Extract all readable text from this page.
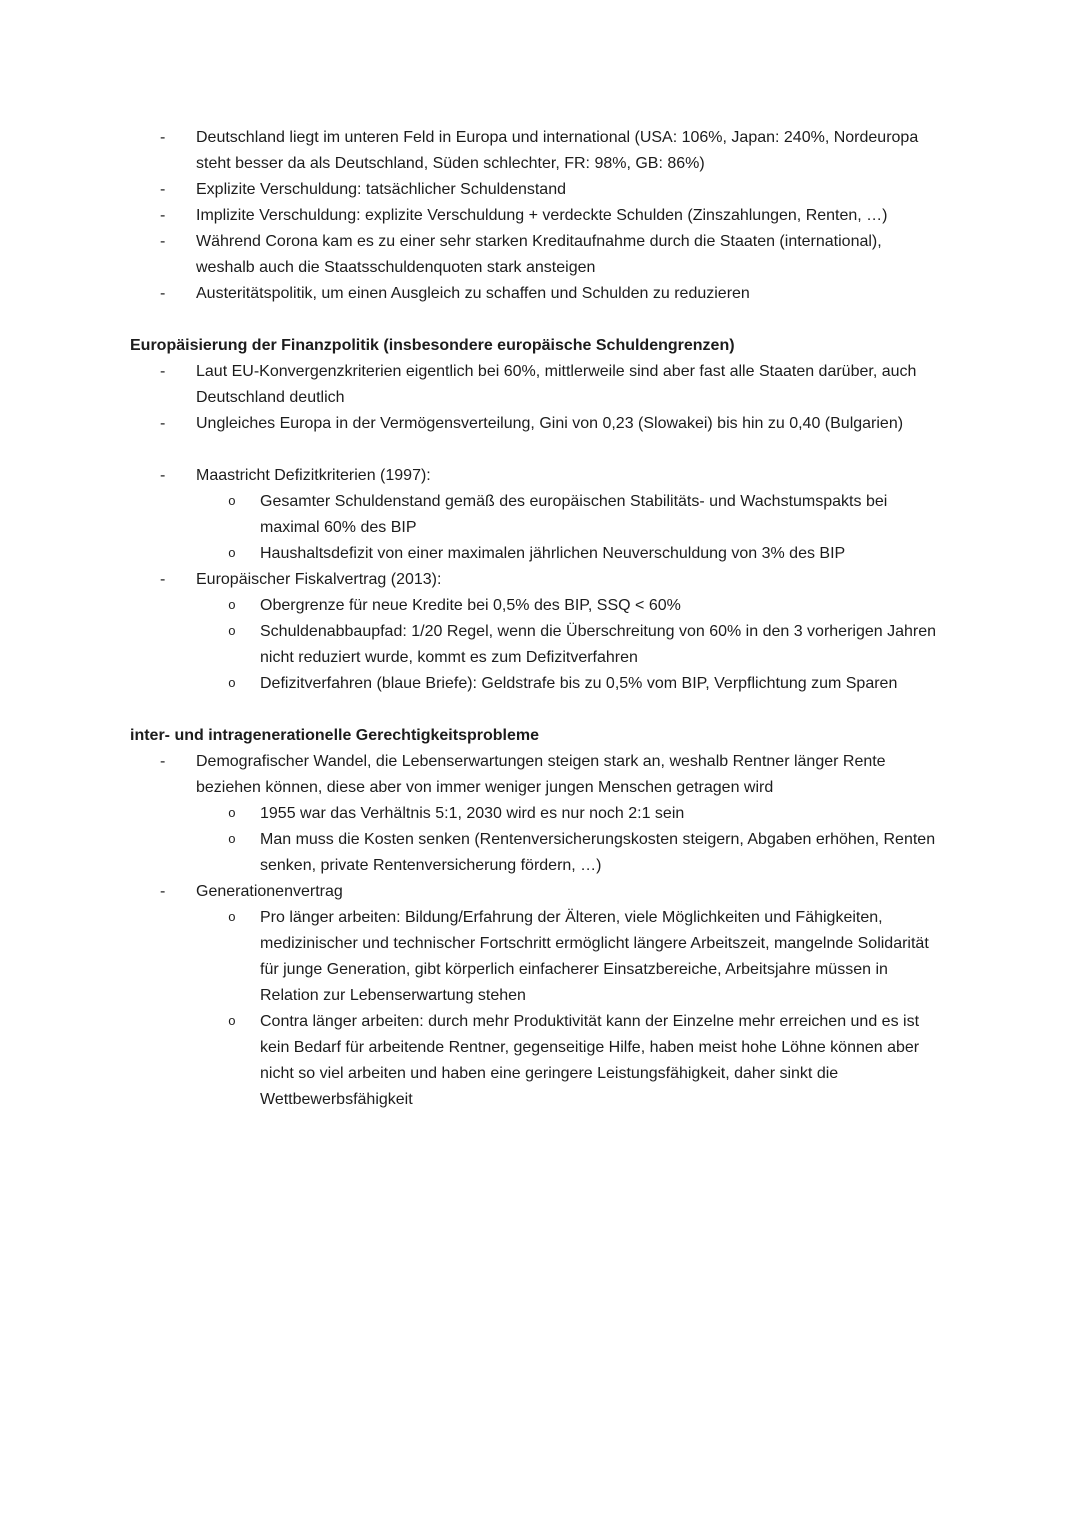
-	Deutschland liegt im unteren Feld in Europa und international (USA: 106%, Japan: 240%, Nordeuropa steht besser da als Deutschland, Süden schlechter, FR: 98%, GB: 86%)
-	Explizite Verschuldung: tatsächlicher Schuldenstand
-	Implizite Verschuldung: explizite Verschuldung + verdeckte Schulden (Zinszahlungen, Renten, …)
-	Während Corona kam es zu einer sehr starken Kreditaufnahme durch die Staaten (international), weshalb auch die Staatsschuldenquoten stark ansteigen
-	Austeritätspolitik, um einen Ausgleich zu schaffen und Schulden zu reduzieren
Europäisierung der Finanzpolitik (insbesondere europäische Schuldengrenzen)
-	Laut EU-Konvergenzkriterien eigentlich bei 60%, mittlerweile sind aber fast alle Staaten darüber, auch Deutschland deutlich
-	Ungleiches Europa in der Vermögensverteilung, Gini von 0,23 (Slowakei) bis hin zu 0,40 (Bulgarien)
-	Maastricht Defizitkriterien (1997):
o	Gesamter Schuldenstand gemäß des europäischen Stabilitäts- und Wachstumspakts bei maximal 60% des BIP
o	Haushaltsdefizit von einer maximalen jährlichen Neuverschuldung von 3% des BIP
-	Europäischer Fiskalvertrag (2013):
o	Obergrenze für neue Kredite bei 0,5% des BIP, SSQ < 60%
o	Schuldenabbaupfad: 1/20 Regel, wenn die Überschreitung von 60% in den 3 vorherigen Jahren nicht reduziert wurde, kommt es zum Defizitverfahren
o	Defizitverfahren (blaue Briefe): Geldstrafe bis zu 0,5% vom BIP, Verpflichtung zum Sparen
inter- und intragenerationelle Gerechtigkeitsprobleme
-	Demografischer Wandel, die Lebenserwartungen steigen stark an, weshalb Rentner länger Rente beziehen können, diese aber von immer weniger jungen Menschen getragen wird
o	1955 war das Verhältnis 5:1, 2030 wird es nur noch 2:1 sein
o	Man muss die Kosten senken (Rentenversicherungskosten steigern, Abgaben erhöhen, Renten senken, private Rentenversicherung fördern, …)
-	Generationenvertrag
o	Pro länger arbeiten: Bildung/Erfahrung der Älteren, viele Möglichkeiten und Fähigkeiten, medizinischer und technischer Fortschritt ermöglicht längere Arbeitszeit, mangelnde Solidarität für junge Generation, gibt körperlich einfacherer Einsatzbereiche, Arbeitsjahre müssen in Relation zur Lebenserwartung stehen
o	Contra länger arbeiten: durch mehr Produktivität kann der Einzelne mehr erreichen und es ist kein Bedarf für arbeitende Rentner, gegenseitige Hilfe, haben meist hohe Löhne können aber nicht so viel arbeiten und haben eine geringere Leistungsfähigkeit, daher sinkt die Wettbewerbsfähigkeit
